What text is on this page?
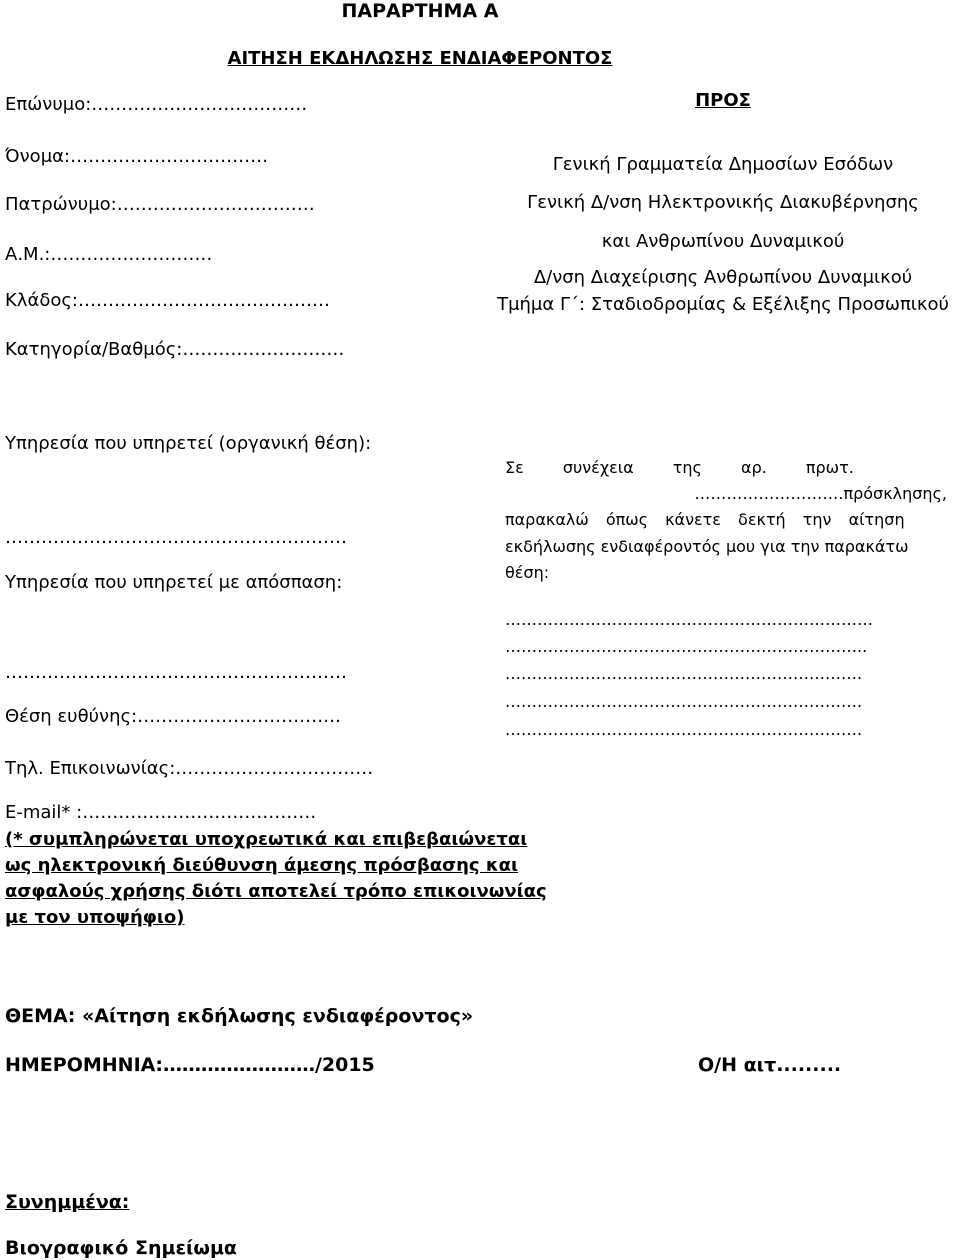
ΠΑΡΑΡΤΗΜΑ Α
ΑΙΤΗΣΗ ΕΚΔΗΛΩΣΗΣ ΕΝΔΙΑΦΕΡΟΝΤΟΣ
Επώνυμο:………………………………
Όνομα:……………………………
Πατρώνυμο:……………………………
Α.Μ.:………………………
Κλάδος:……………………………………
Κατηγορία/Βαθμός:………………………
ΠΡΟΣ
Γενική Γραμματεία Δημοσίων Εσόδων
Γενική Δ/νση Ηλεκτρονικής Διακυβέρνησης
και Ανθρωπίνου Δυναμικού
Δ/νση Διαχείρισης Ανθρωπίνου Δυναμικού
Τμήμα Γ΄: Σταδιοδρομίας & Εξέλιξης Προσωπικού
Υπηρεσία που υπηρετεί (οργανική θέση):
…………………………………………………
Υπηρεσία που υπηρετεί με απόσπαση:
…………………………………………………
Θέση ευθύνης:…………………………….
Τηλ. Επικοινωνίας:……………………………
E-mail* :…………………………………
(* συμπληρώνεται υποχρεωτικά και επιβεβαιώνεται
ως ηλεκτρονική διεύθυνση άμεσης πρόσβασης και
ασφαλούς χρήσης διότι αποτελεί τρόπο επικοινωνίας
με τον υποψήφιο)
Σε συνέχεια της αρ. πρωτ.
……………………….πρόσκλησης,
παρακαλώ όπως κάνετε δεκτή την αίτηση
εκδήλωσης ενδιαφέροντός μου για την παρακάτω
θέση:
……………………………………………………………
…………………………………………………………..
………………………………………………………….
………………………………………………………….
………………………………………………………….
ΘΕΜΑ: «Αίτηση εκδήλωσης ενδιαφέροντος»
ΗΜΕΡΟΜΗΝΙΑ:……………………/2015	Ο/Η αιτ.........
Συνημμένα:
Βιογραφικό Σημείωμα
